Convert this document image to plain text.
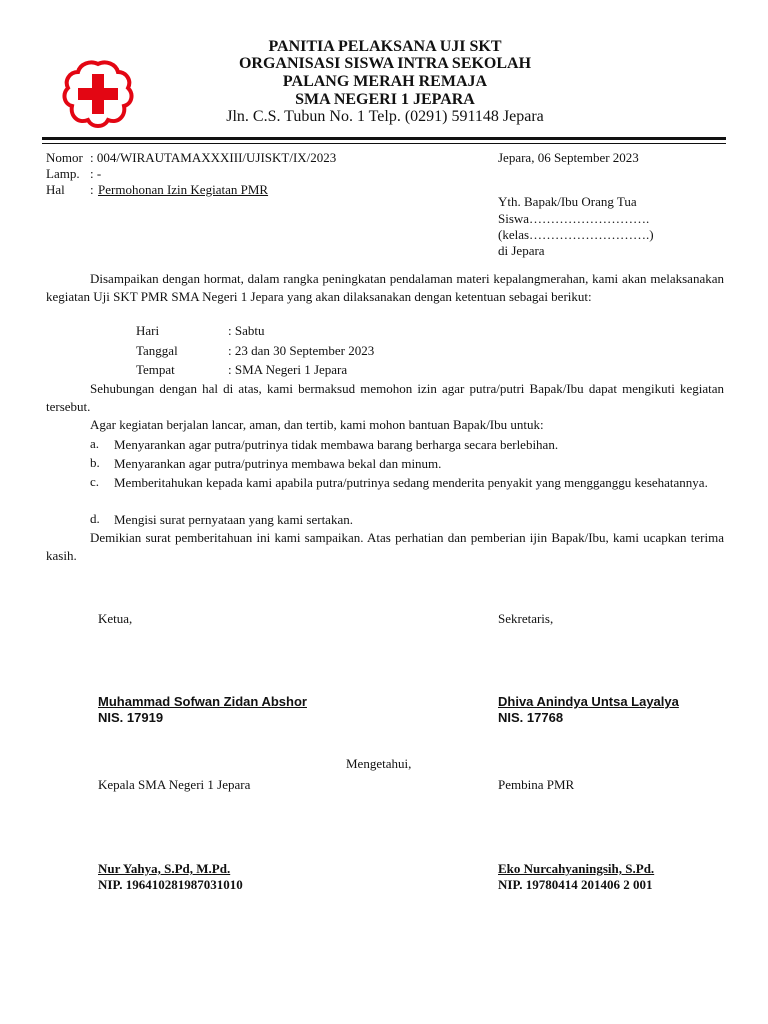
PANITIA PELAKSANA UJI SKT
ORGANISASI SISWA INTRA SEKOLAH
PALANG MERAH REMAJA
SMA NEGERI 1 JEPARA
Jln. C.S. Tubun No. 1 Telp. (0291) 591148 Jepara
Nomor : 004/WIRAUTAMAXXXIII/UJISKT/IX/2023
Lamp. : -
Hal : Permohonan Izin Kegiatan PMR
Jepara, 06 September 2023
Yth. Bapak/Ibu Orang Tua
Siswa……………………….
(kelas……………………….)
di Jepara
Disampaikan dengan hormat, dalam rangka peningkatan pendalaman materi kepalangmerahan, kami akan melaksanakan kegiatan Uji SKT PMR SMA Negeri 1 Jepara yang akan dilaksanakan dengan ketentuan sebagai berikut:
Hari	: Sabtu
Tanggal	: 23 dan 30 September 2023
Tempat	: SMA Negeri 1 Jepara
Sehubungan dengan hal di atas, kami bermaksud memohon izin agar putra/putri Bapak/Ibu dapat mengikuti kegiatan tersebut.
Agar kegiatan berjalan lancar, aman, dan tertib, kami mohon bantuan Bapak/Ibu untuk:
a. Menyarankan agar putra/putrinya tidak membawa barang berharga secara berlebihan.
b. Menyarankan agar putra/putrinya membawa bekal dan minum.
c. Memberitahukan kepada kami apabila putra/putrinya sedang menderita penyakit yang mengganggu kesehatannya.
d. Mengisi surat pernyataan yang kami sertakan.
Demikian surat pemberitahuan ini kami sampaikan. Atas perhatian dan pemberian ijin Bapak/Ibu, kami ucapkan terima kasih.
Ketua,
Muhammad Sofwan Zidan Abshor
NIS. 17919
Sekretaris,
Dhiva Anindya Untsa Layalya
NIS. 17768
Mengetahui,
Kepala SMA Negeri 1 Jepara
Nur Yahya, S.Pd, M.Pd.
NIP. 196410281987031010
Pembina PMR
Eko Nurcahyaningsih, S.Pd.
NIP. 19780414 201406 2 001
